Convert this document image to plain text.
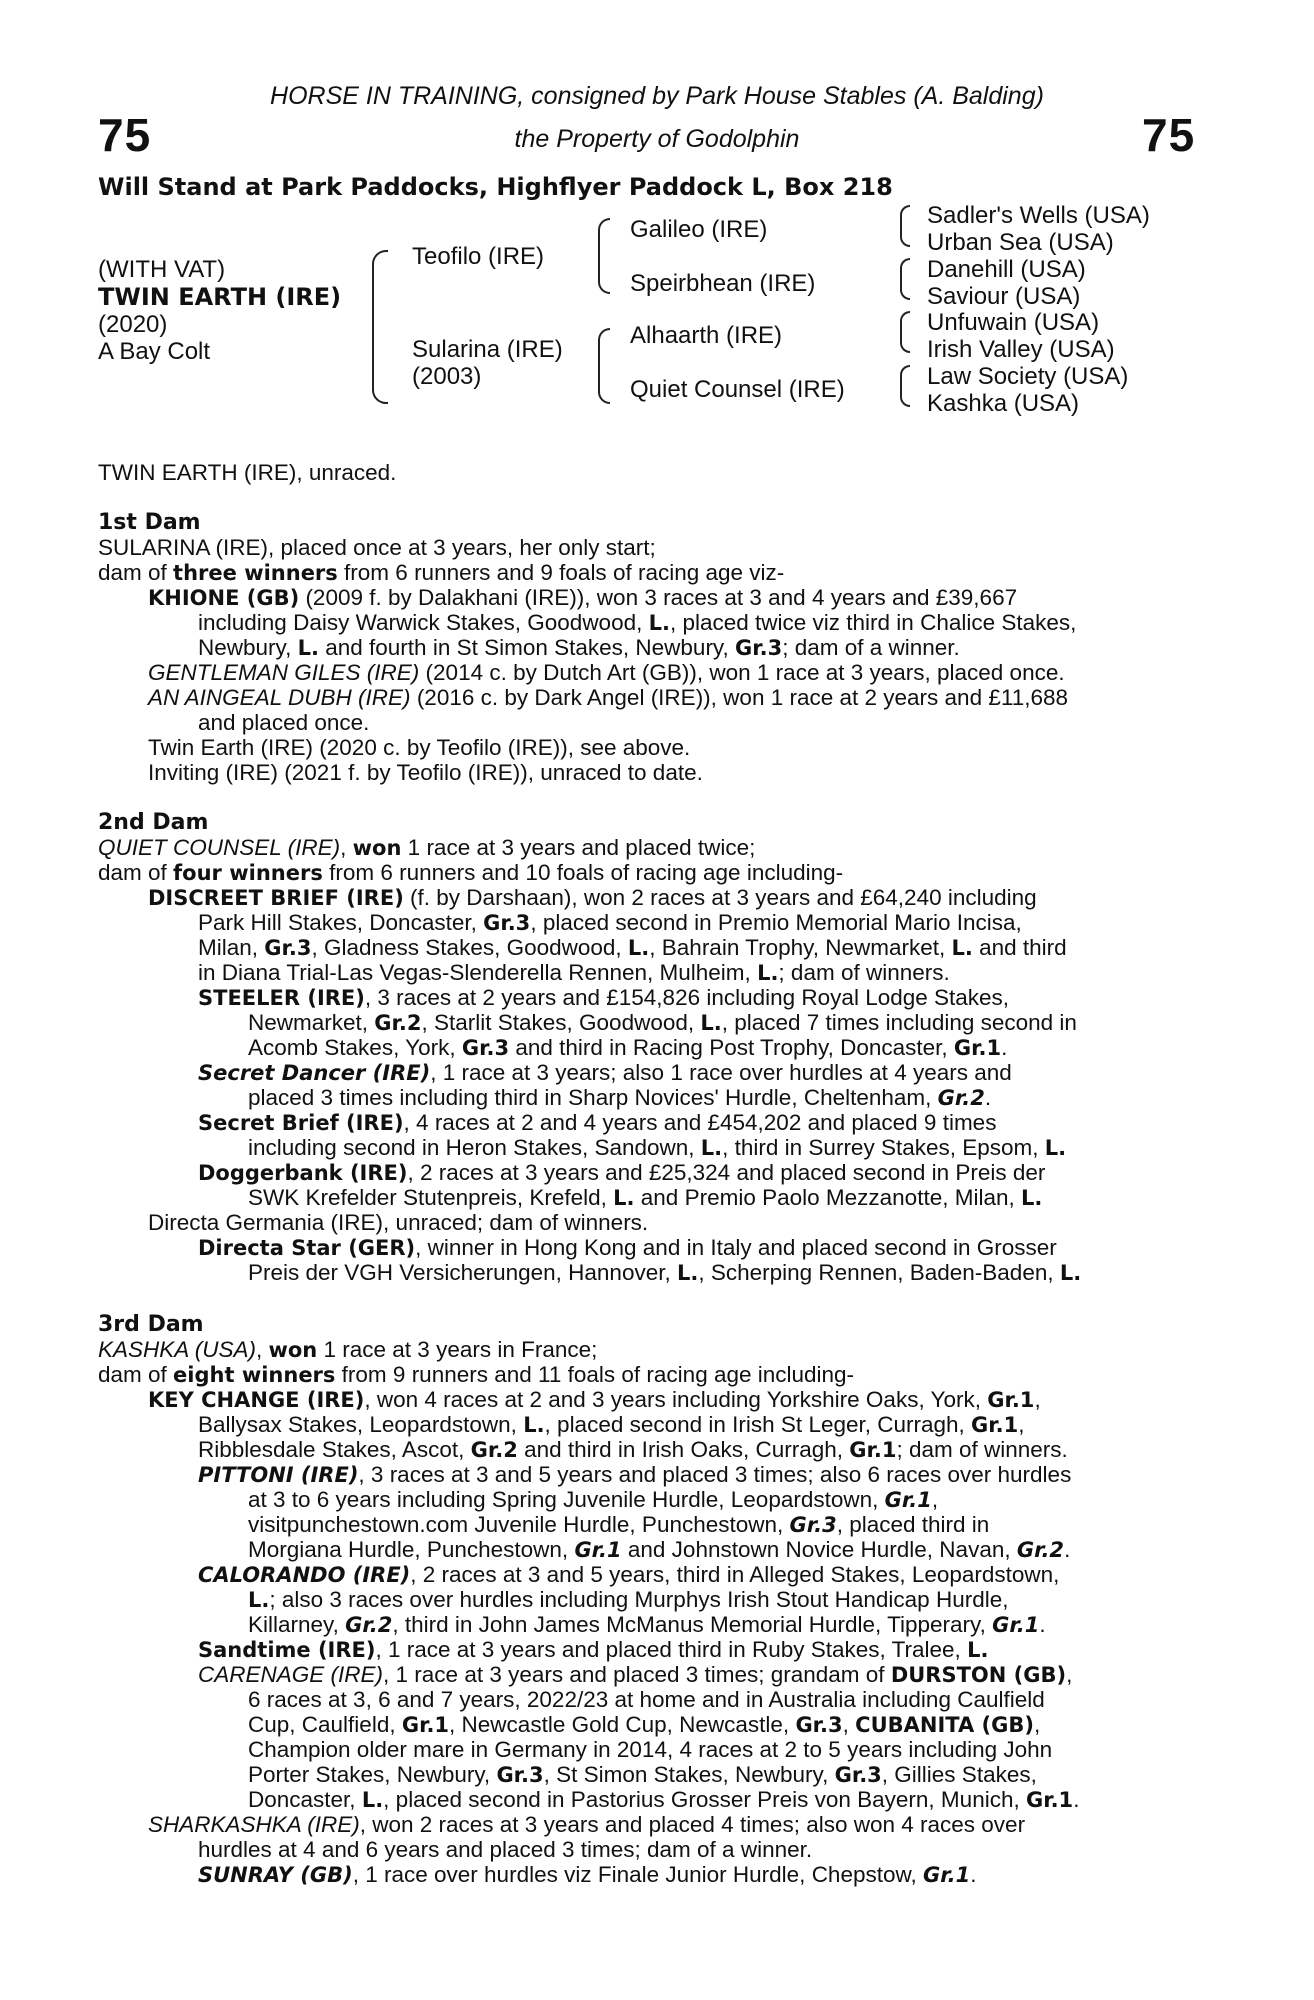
75	75
HORSE IN TRAINING, consigned by Park House Stables (A. Balding)
the Property of Godolphin
Will Stand at Park Paddocks, Highflyer Paddock L, Box 218
(WITH VAT)
TWIN EARTH (IRE)
(2020)
A Bay Colt
Teofilo (IRE)
Sularina (IRE)
(2003)
Galileo (IRE)
Speirbhean (IRE)
Alhaarth (IRE)
Quiet Counsel (IRE)
Sadler's Wells (USA)
Urban Sea (USA)
Danehill (USA)
Saviour (USA)
Unfuwain (USA)
Irish Valley (USA)
Law Society (USA)
Kashka (USA)
TWIN EARTH (IRE), unraced.
1st Dam
SULARINA (IRE), placed once at 3 years, her only start;
dam of three winners from 6 runners and 9 foals of racing age viz-
KHIONE (GB) (2009 f. by Dalakhani (IRE)), won 3 races at 3 and 4 years and £39,667
including Daisy Warwick Stakes, Goodwood, L., placed twice viz third in Chalice Stakes,
Newbury, L. and fourth in St Simon Stakes, Newbury, Gr.3; dam of a winner.
GENTLEMAN GILES (IRE) (2014 c. by Dutch Art (GB)), won 1 race at 3 years, placed once.
AN AINGEAL DUBH (IRE) (2016 c. by Dark Angel (IRE)), won 1 race at 2 years and £11,688
and placed once.
Twin Earth (IRE) (2020 c. by Teofilo (IRE)), see above.
Inviting (IRE) (2021 f. by Teofilo (IRE)), unraced to date.
2nd Dam
QUIET COUNSEL (IRE), won 1 race at 3 years and placed twice;
dam of four winners from 6 runners and 10 foals of racing age including-
DISCREET BRIEF (IRE) (f. by Darshaan), won 2 races at 3 years and £64,240 including
Park Hill Stakes, Doncaster, Gr.3, placed second in Premio Memorial Mario Incisa,
Milan, Gr.3, Gladness Stakes, Goodwood, L., Bahrain Trophy, Newmarket, L. and third
in Diana Trial-Las Vegas-Slenderella Rennen, Mulheim, L.; dam of winners.
STEELER (IRE), 3 races at 2 years and £154,826 including Royal Lodge Stakes,
Newmarket, Gr.2, Starlit Stakes, Goodwood, L., placed 7 times including second in
Acomb Stakes, York, Gr.3 and third in Racing Post Trophy, Doncaster, Gr.1.
Secret Dancer (IRE), 1 race at 3 years; also 1 race over hurdles at 4 years and
placed 3 times including third in Sharp Novices' Hurdle, Cheltenham, Gr.2.
Secret Brief (IRE), 4 races at 2 and 4 years and £454,202 and placed 9 times
including second in Heron Stakes, Sandown, L., third in Surrey Stakes, Epsom, L.
Doggerbank (IRE), 2 races at 3 years and £25,324 and placed second in Preis der
SWK Krefelder Stutenpreis, Krefeld, L. and Premio Paolo Mezzanotte, Milan, L.
Directa Germania (IRE), unraced; dam of winners.
Directa Star (GER), winner in Hong Kong and in Italy and placed second in Grosser
Preis der VGH Versicherungen, Hannover, L., Scherping Rennen, Baden-Baden, L.
3rd Dam
KASHKA (USA), won 1 race at 3 years in France;
dam of eight winners from 9 runners and 11 foals of racing age including-
KEY CHANGE (IRE), won 4 races at 2 and 3 years including Yorkshire Oaks, York, Gr.1,
Ballysax Stakes, Leopardstown, L., placed second in Irish St Leger, Curragh, Gr.1,
Ribblesdale Stakes, Ascot, Gr.2 and third in Irish Oaks, Curragh, Gr.1; dam of winners.
PITTONI (IRE), 3 races at 3 and 5 years and placed 3 times; also 6 races over hurdles
at 3 to 6 years including Spring Juvenile Hurdle, Leopardstown, Gr.1,
visitpunchestown.com Juvenile Hurdle, Punchestown, Gr.3, placed third in
Morgiana Hurdle, Punchestown, Gr.1 and Johnstown Novice Hurdle, Navan, Gr.2.
CALORANDO (IRE), 2 races at 3 and 5 years, third in Alleged Stakes, Leopardstown,
L.; also 3 races over hurdles including Murphys Irish Stout Handicap Hurdle,
Killarney, Gr.2, third in John James McManus Memorial Hurdle, Tipperary, Gr.1.
Sandtime (IRE), 1 race at 3 years and placed third in Ruby Stakes, Tralee, L.
CARENAGE (IRE), 1 race at 3 years and placed 3 times; grandam of DURSTON (GB),
6 races at 3, 6 and 7 years, 2022/23 at home and in Australia including Caulfield
Cup, Caulfield, Gr.1, Newcastle Gold Cup, Newcastle, Gr.3, CUBANITA (GB),
Champion older mare in Germany in 2014, 4 races at 2 to 5 years including John
Porter Stakes, Newbury, Gr.3, St Simon Stakes, Newbury, Gr.3, Gillies Stakes,
Doncaster, L., placed second in Pastorius Grosser Preis von Bayern, Munich, Gr.1.
SHARKASHKA (IRE), won 2 races at 3 years and placed 4 times; also won 4 races over
hurdles at 4 and 6 years and placed 3 times; dam of a winner.
SUNRAY (GB), 1 race over hurdles viz Finale Junior Hurdle, Chepstow, Gr.1.
